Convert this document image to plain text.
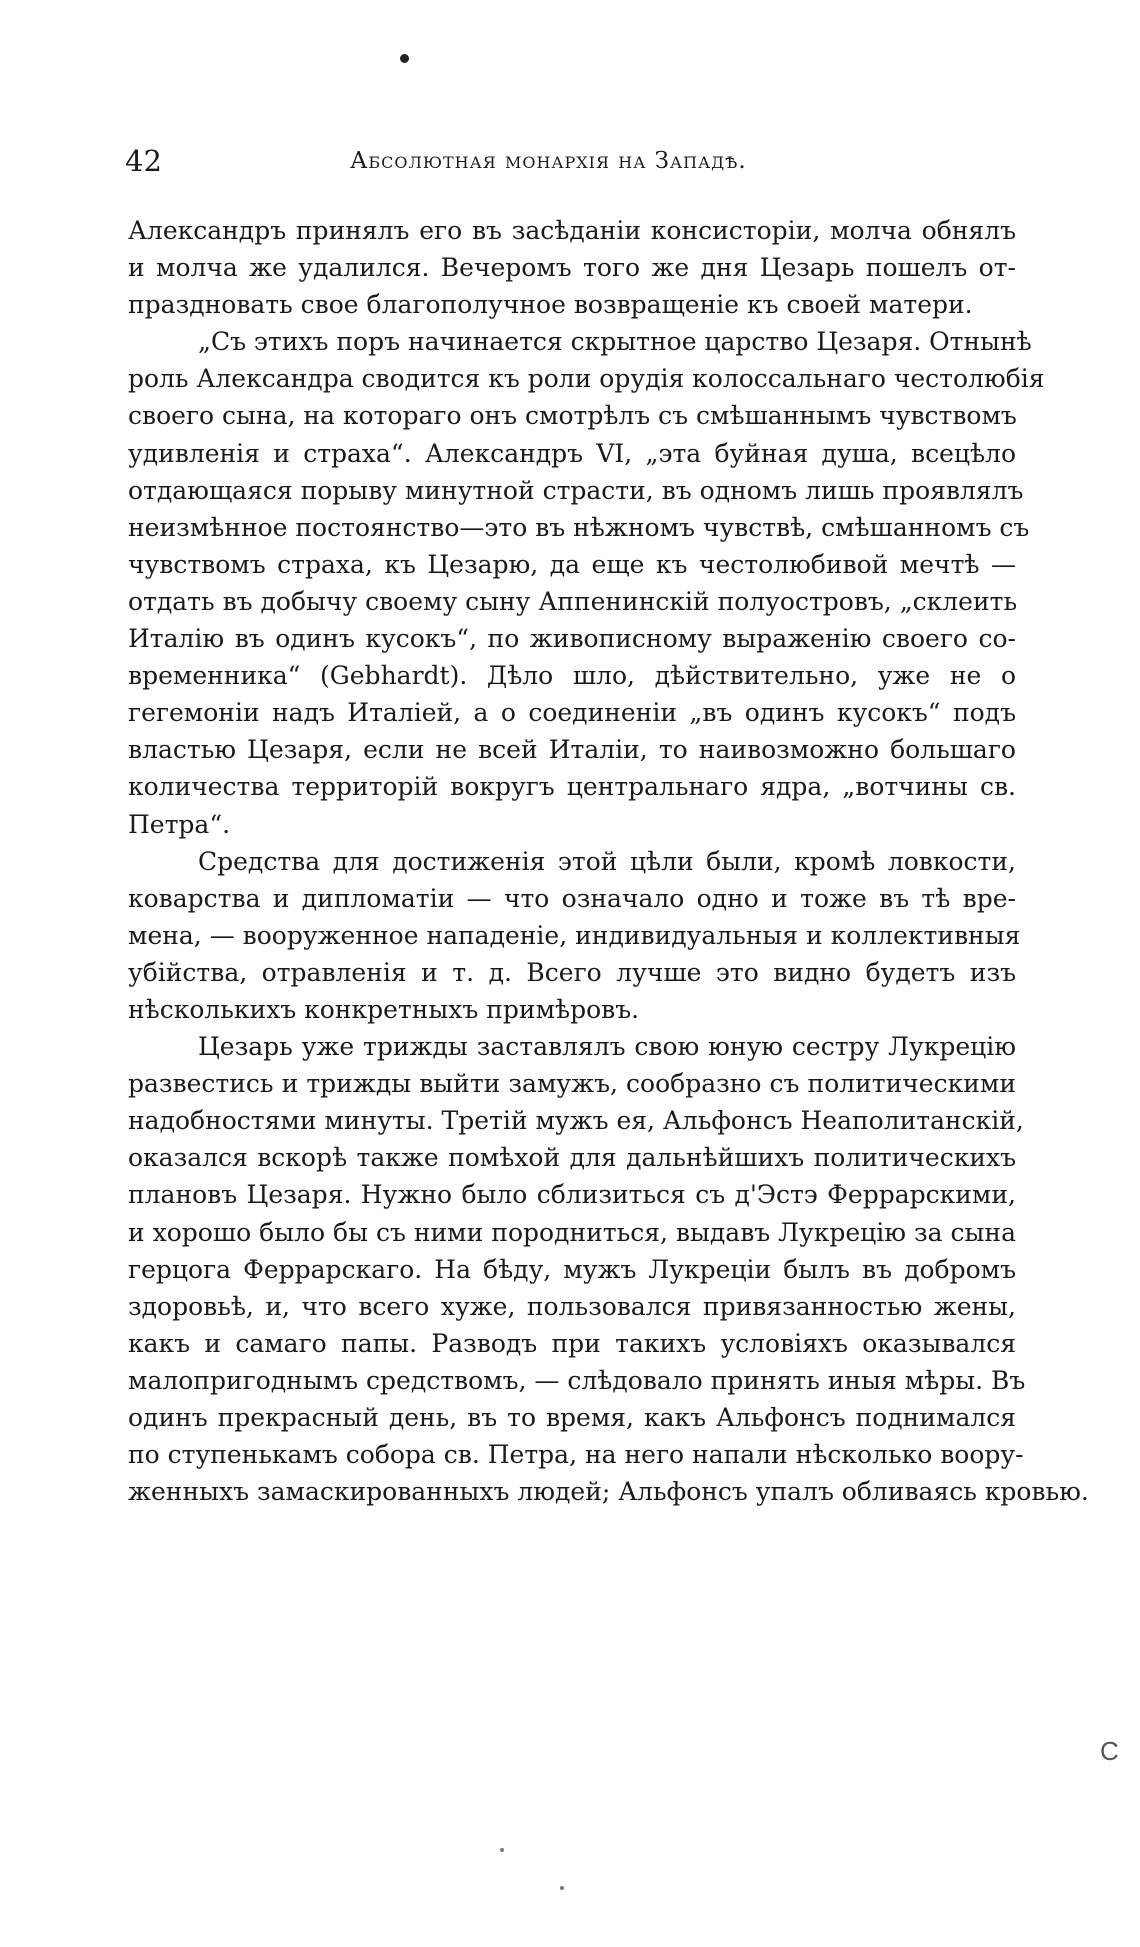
42	Абсолютная монархія на Западѣ.
Александръ принялъ его въ засѣданіи консисторіи, молча обнялъ
и молча же удалился. Вечеромъ того же дня Цезарь пошелъ от-
праздновать свое благополучное возвращеніе къ своей матери.
„Съ этихъ поръ начинается скрытное царство Цезаря. Отнынѣ
роль Александра сводится къ роли орудія колоссальнаго честолюбія
своего сына, на котораго онъ смотрѣлъ съ смѣшаннымъ чувствомъ
удивленія и страха“. Александръ VI, „эта буйная душа, всецѣло
отдающаяся порыву минутной страсти, въ одномъ лишь проявлялъ
неизмѣнное постоянство—это въ нѣжномъ чувствѣ, смѣшанномъ съ
чувствомъ страха, къ Цезарю, да еще къ честолюбивой мечтѣ —
отдать въ добычу своему сыну Аппенинскій полуостровъ, „склеить
Италію въ одинъ кусокъ“, по живописному выраженію своего со-
временника“ (Gebhardt). Дѣло шло, дѣйствительно, уже не о
гегемоніи надъ Италіей, а о соединеніи „въ одинъ кусокъ“ подъ
властью Цезаря, если не всей Италіи, то наивозможно большаго
количества территорій вокругъ центральнаго ядра, „вотчины св.
Петра“.
Средства для достиженія этой цѣли были, кромѣ ловкости,
коварства и дипломатіи — что означало одно и тоже въ тѣ вре-
мена, — вооруженное нападеніе, индивидуальныя и коллективныя
убійства, отравленія и т. д. Всего лучше это видно будетъ изъ
нѣсколькихъ конкретныхъ примѣровъ.
Цезарь уже трижды заставлялъ свою юную сестру Лукрецію
развестись и трижды выйти замужъ, сообразно съ политическими
надобностями минуты. Третій мужъ ея, Альфонсъ Неаполитанскій,
оказался вскорѣ также помѣхой для дальнѣйшихъ политическихъ
плановъ Цезаря. Нужно было сблизиться съ д'Эстэ Феррарскими,
и хорошо было бы съ ними породниться, выдавъ Лукрецію за сына
герцога Феррарскаго. На бѣду, мужъ Лукреціи былъ въ добромъ
здоровьѣ, и, что всего хуже, пользовался привязанностью жены,
какъ и самаго папы. Разводъ при такихъ условіяхъ оказывался
малопригоднымъ средствомъ, — слѣдовало принять иныя мѣры. Въ
одинъ прекрасный день, въ то время, какъ Альфонсъ поднимался
по ступенькамъ собора св. Петра, на него напали нѣсколько воору-
женныхъ замаскированныхъ людей; Альфонсъ упалъ обливаясь кровью.
С
